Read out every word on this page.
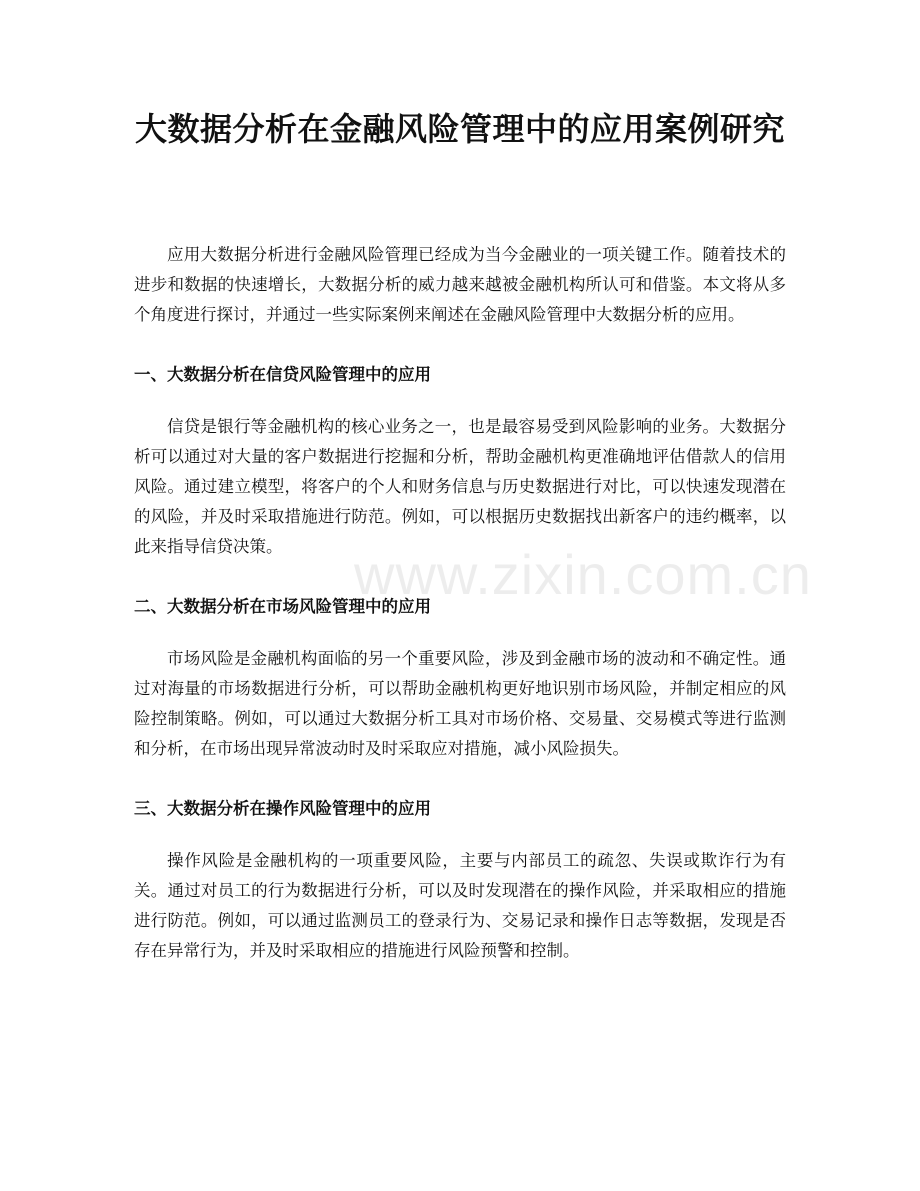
大数据分析在金融风险管理中的应用案例研究

应用大数据分析进行金融风险管理已经成为当今金融业的一项关键工作。随着技术的进步和数据的快速增长，大数据分析的威力越来越被金融机构所认可和借鉴。本文将从多个角度进行探讨，并通过一些实际案例来阐述在金融风险管理中大数据分析的应用。

一、大数据分析在信贷风险管理中的应用

信贷是银行等金融机构的核心业务之一，也是最容易受到风险影响的业务。大数据分析可以通过对大量的客户数据进行挖掘和分析，帮助金融机构更准确地评估借款人的信用风险。通过建立模型，将客户的个人和财务信息与历史数据进行对比，可以快速发现潜在的风险，并及时采取措施进行防范。例如，可以根据历史数据找出新客户的违约概率，以此来指导信贷决策。

二、大数据分析在市场风险管理中的应用

市场风险是金融机构面临的另一个重要风险，涉及到金融市场的波动和不确定性。通过对海量的市场数据进行分析，可以帮助金融机构更好地识别市场风险，并制定相应的风险控制策略。例如，可以通过大数据分析工具对市场价格、交易量、交易模式等进行监测和分析，在市场出现异常波动时及时采取应对措施，减小风险损失。

三、大数据分析在操作风险管理中的应用

操作风险是金融机构的一项重要风险，主要与内部员工的疏忽、失误或欺诈行为有关。通过对员工的行为数据进行分析，可以及时发现潜在的操作风险，并采取相应的措施进行防范。例如，可以通过监测员工的登录行为、交易记录和操作日志等数据，发现是否存在异常行为，并及时采取相应的措施进行风险预警和控制。

www.zixin.com.cn
